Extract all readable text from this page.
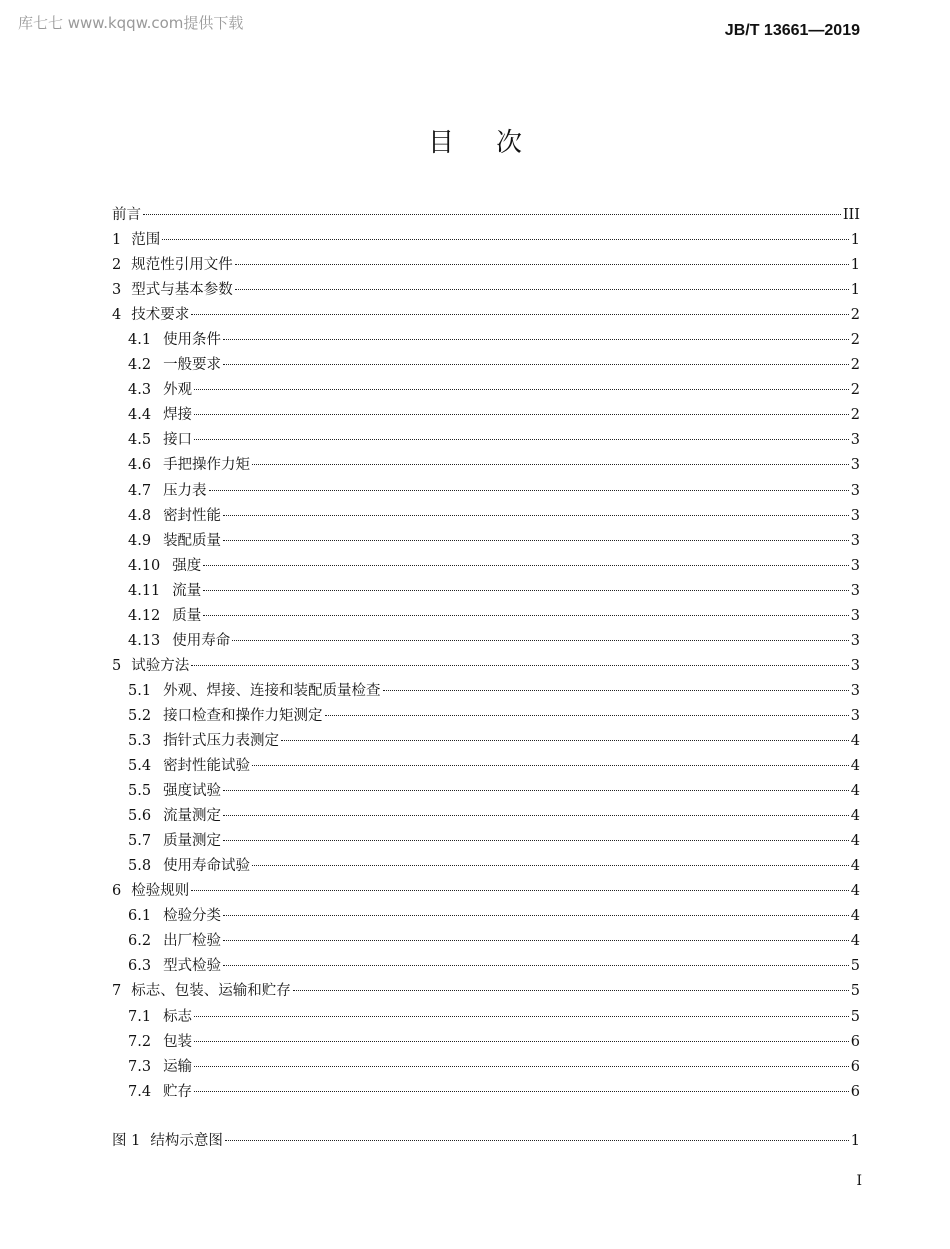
库七七 www.kqqw.com提供下载	JB/T 13661—2019
目次
前言	III
1 范围	1
2 规范性引用文件	1
3 型式与基本参数	1
4 技术要求	2
4.1 使用条件	2
4.2 一般要求	2
4.3 外观	2
4.4 焊接	2
4.5 接口	3
4.6 手把操作力矩	3
4.7 压力表	3
4.8 密封性能	3
4.9 装配质量	3
4.10 强度	3
4.11 流量	3
4.12 质量	3
4.13 使用寿命	3
5 试验方法	3
5.1 外观、焊接、连接和装配质量检查	3
5.2 接口检查和操作力矩测定	3
5.3 指针式压力表测定	4
5.4 密封性能试验	4
5.5 强度试验	4
5.6 流量测定	4
5.7 质量测定	4
5.8 使用寿命试验	4
6 检验规则	4
6.1 检验分类	4
6.2 出厂检验	4
6.3 型式检验	5
7 标志、包装、运输和贮存	5
7.1 标志	5
7.2 包装	6
7.3 运输	6
7.4 贮存	6
图 1 结构示意图	1
I
